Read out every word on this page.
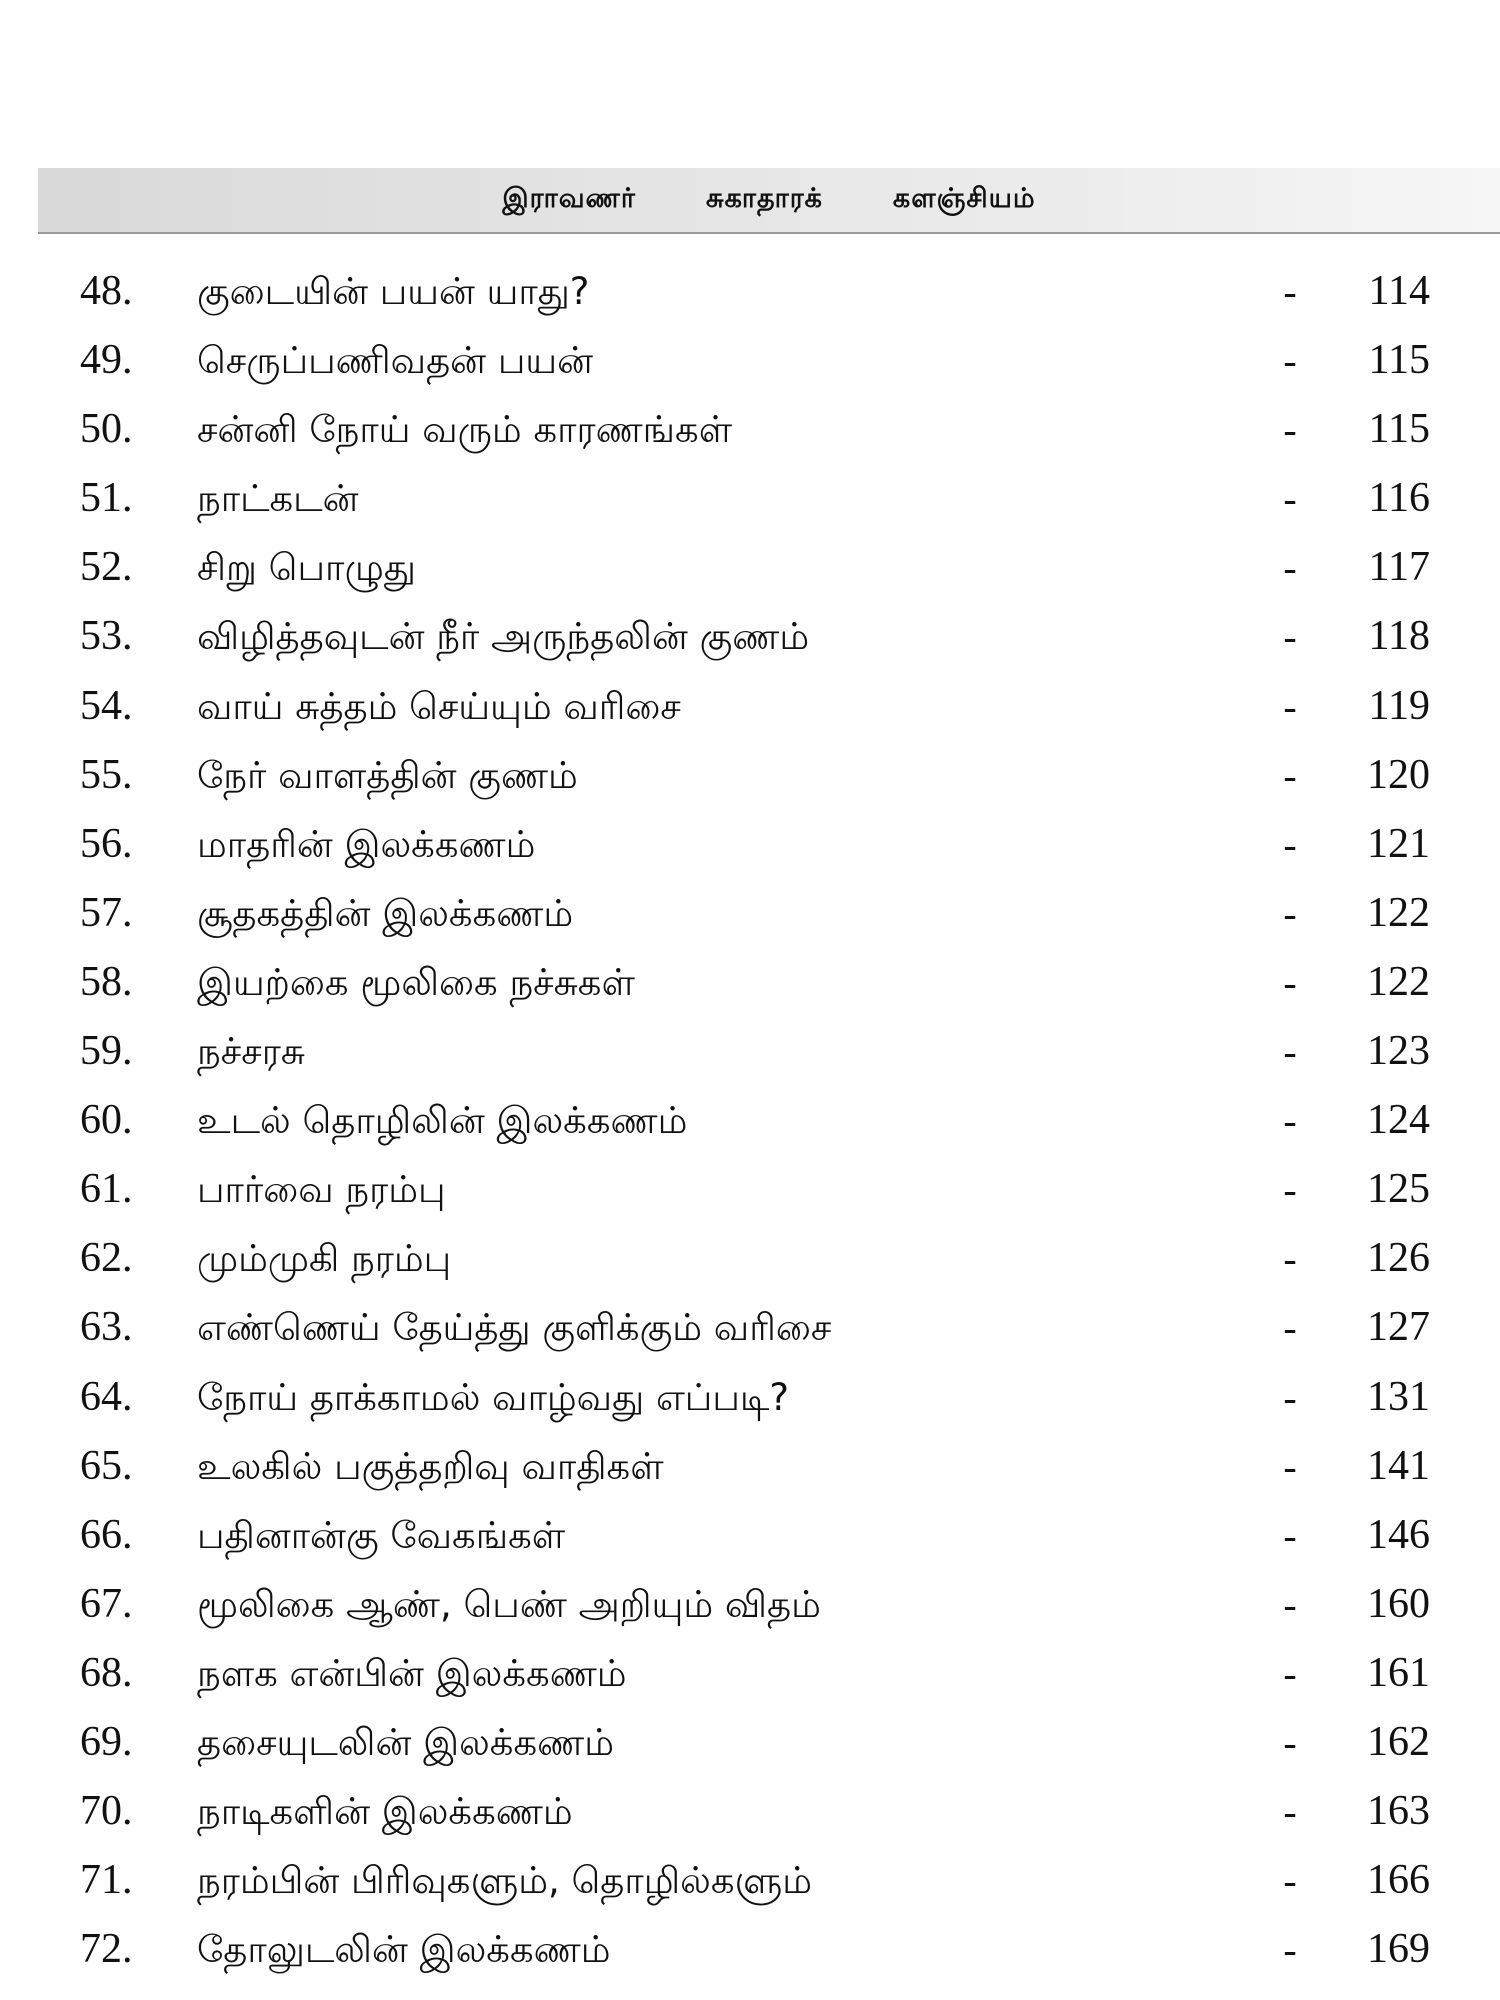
இராவணர்	சுகாதாரக்	களஞ்சியம்
48.	குடையின் பயன் யாது?	-	114
49.	செருப்பணிவதன் பயன்	-	115
50.	சன்னி நோய் வரும் காரணங்கள்	-	115
51.	நாட்கடன்	-	116
52.	சிறு பொழுது	-	117
53.	விழித்தவுடன் நீர் அருந்தலின் குணம்	-	118
54.	வாய் சுத்தம் செய்யும் வரிசை	-	119
55.	நேர் வாளத்தின் குணம்	-	120
56.	மாதரின் இலக்கணம்	-	121
57.	சூதகத்தின் இலக்கணம்	-	122
58.	இயற்கை மூலிகை நச்சுகள்	-	122
59.	நச்சரசு	-	123
60.	உடல் தொழிலின் இலக்கணம்	-	124
61.	பார்வை நரம்பு	-	125
62.	மும்முகி நரம்பு	-	126
63.	எண்ணெய் தேய்த்து குளிக்கும் வரிசை	-	127
64.	நோய் தாக்காமல் வாழ்வது எப்படி?	-	131
65.	உலகில் பகுத்தறிவு வாதிகள்	-	141
66.	பதினான்கு வேகங்கள்	-	146
67.	மூலிகை ஆண், பெண் அறியும் விதம்	-	160
68.	நளக என்பின் இலக்கணம்	-	161
69.	தசையுடலின் இலக்கணம்	-	162
70.	நாடிகளின் இலக்கணம்	-	163
71.	நரம்பின் பிரிவுகளும், தொழில்களும்	-	166
72.	தோலுடலின் இலக்கணம்	-	169
